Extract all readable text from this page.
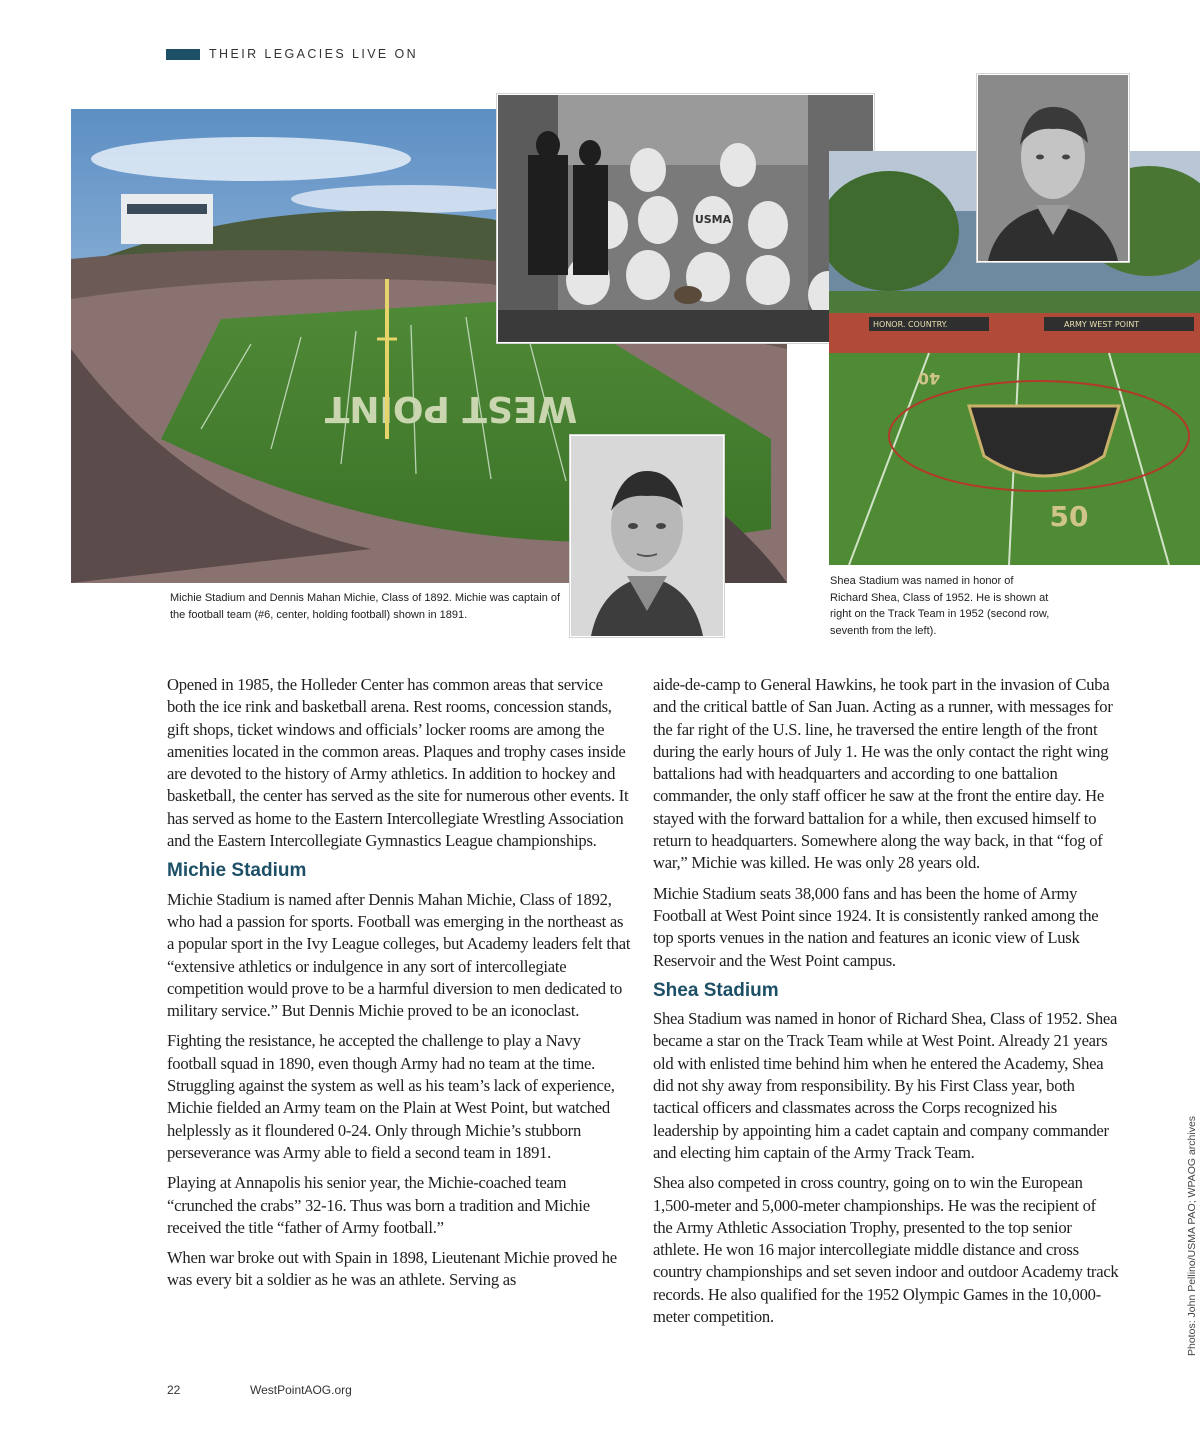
THEIR LEGACIES LIVE ON
WEST POINT
USMA
HONOR. COUNTRY.	ARMY WEST POINT
50
40
Michie Stadium and Dennis Mahan Michie, Class of 1892. Michie was captain of the football team (#6, center, holding football) shown in 1891.
Shea Stadium was named in honor of Richard Shea, Class of 1952. He is shown at right on the Track Team in 1952 (second row, seventh from the left).

Opened in 1985, the Holleder Center has common areas that service both the ice rink and basketball arena. Rest rooms, concession stands, gift shops, ticket windows and officials’ locker rooms are among the amenities located in the common areas. Plaques and trophy cases inside are devoted to the history of Army athletics. In addition to hockey and basketball, the center has served as the site for numerous other events. It has served as home to the Eastern Intercollegiate Wrestling Association and the Eastern Intercollegiate Gymnastics League championships.

Michie Stadium

Michie Stadium is named after Dennis Mahan Michie, Class of 1892, who had a passion for sports. Football was emerging in the northeast as a popular sport in the Ivy League colleges, but Academy leaders felt that “extensive athletics or indulgence in any sort of intercollegiate competition would prove to be a harmful diversion to men dedicated to military service.” But Dennis Michie proved to be an iconoclast.

Fighting the resistance, he accepted the challenge to play a Navy football squad in 1890, even though Army had no team at the time. Struggling against the system as well as his team’s lack of experience, Michie fielded an Army team on the Plain at West Point, but watched helplessly as it floundered 0-24. Only through Michie’s stubborn perseverance was Army able to field a second team in 1891.

Playing at Annapolis his senior year, the Michie-coached team “crunched the crabs” 32-16. Thus was born a tradition and Michie received the title “father of Army football.”

When war broke out with Spain in 1898, Lieutenant Michie proved he was every bit a soldier as he was an athlete. Serving as

aide-de-camp to General Hawkins, he took part in the invasion of Cuba and the critical battle of San Juan. Acting as a runner, with messages for the far right of the U.S. line, he traversed the entire length of the front during the early hours of July 1. He was the only contact the right wing battalions had with headquarters and according to one battalion commander, the only staff officer he saw at the front the entire day. He stayed with the forward battalion for a while, then excused himself to return to headquarters. Somewhere along the way back, in that “fog of war,” Michie was killed. He was only 28 years old.

Michie Stadium seats 38,000 fans and has been the home of Army Football at West Point since 1924. It is consistently ranked among the top sports venues in the nation and features an iconic view of Lusk Reservoir and the West Point campus.

Shea Stadium

Shea Stadium was named in honor of Richard Shea, Class of 1952. Shea became a star on the Track Team while at West Point. Already 21 years old with enlisted time behind him when he entered the Academy, Shea did not shy away from responsibility. By his First Class year, both tactical officers and classmates across the Corps recognized his leadership by appointing him a cadet captain and company commander and electing him captain of the Army Track Team.

Shea also competed in cross country, going on to win the European 1,500-meter and 5,000-meter championships. He was the recipient of the Army Athletic Association Trophy, presented to the top senior athlete. He won 16 major intercollegiate middle distance and cross country championships and set seven indoor and outdoor Academy track records. He also qualified for the 1952 Olympic Games in the 10,000-meter competition.	Photos: John Pellino/USMA PAO; WPAOG archives
22	WestPointAOG.org
